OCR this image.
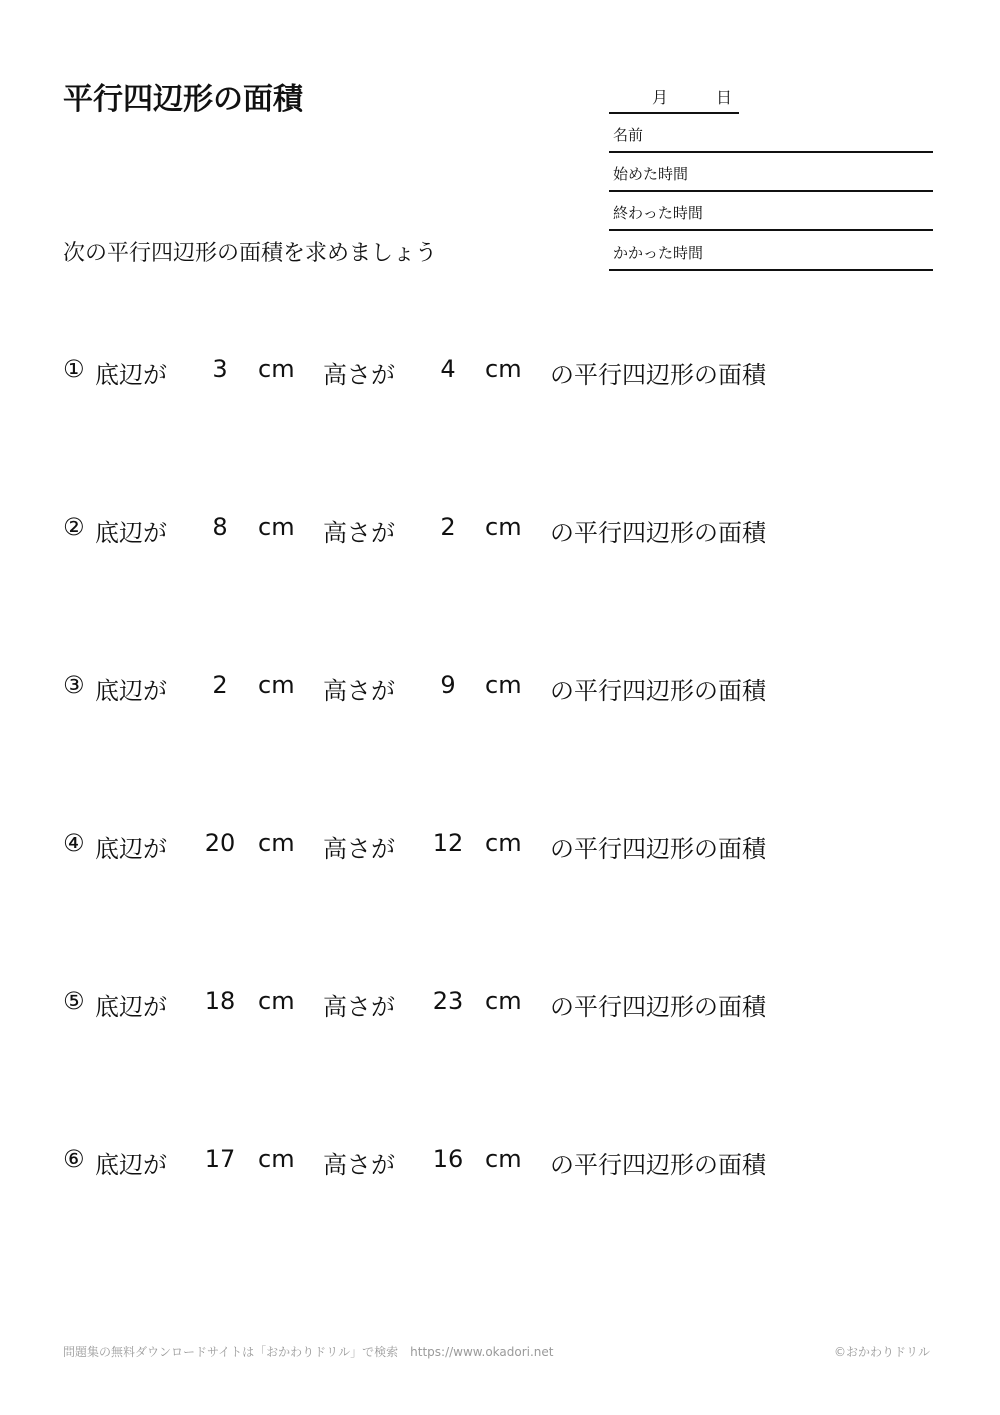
平行四辺形の面積	月	日
名前
始めた時間
終わった時間
かかった時間
次の平行四辺形の面積を求めましょう
① 底辺が	3	cm 高さが	4	cm の平行四辺形の面積
② 底辺が	8	cm 高さが	2	cm の平行四辺形の面積
③ 底辺が	2	cm 高さが	9	cm の平行四辺形の面積
④ 底辺が	20 cm 高さが	12 cm の平行四辺形の面積
⑤ 底辺が	18 cm 高さが	23 cm の平行四辺形の面積
⑥ 底辺が	17 cm 高さが	16 cm の平行四辺形の面積
問題集の無料ダウンロードサイトは「おかわりドリル」で検索　https://www.okadori.net	©おかわりドリル
